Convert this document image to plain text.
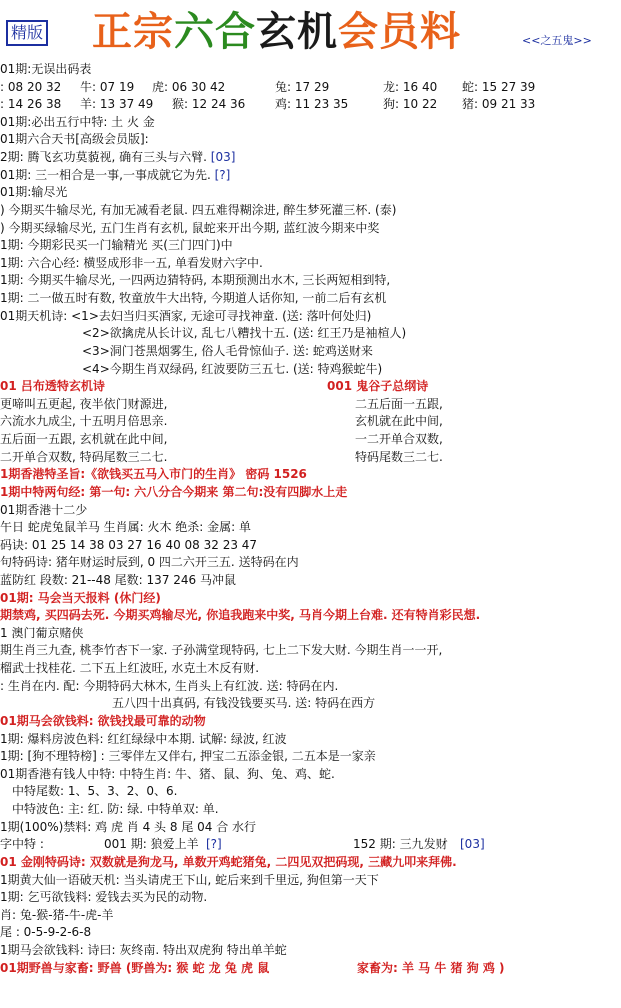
精版 正宗六合玄机会员料	<<之五鬼>>
01期:无误出码表
: 08 20 32 牛: 07 19 虎: 06 30 42	兔: 17 29	龙: 16 40 蛇: 15 27 39
: 14 26 38 羊: 13 37 49 猴: 12 24 36 鸡: 11 23 35	狗: 10 22 猪: 09 21 33
01期:必出五行中特: 土 火 金
01期六合天书[高级会员版]:
2期: 腾飞玄功莫藐视, 确有三头与六臂. [03]
01期: 三一相合是一事,一事成就它为先. [?]
01期:输尽光
) 今期买牛输尽光, 有加无减看老鼠. 四五难得糊涂进, 醉生梦死灌三杯. (泰)
) 今期买绿输尽光, 五门生肖有玄机, 鼠蛇来开出今期, 蓝红波今期来中奖
1期: 今期彩民买一门输精光 买(三门四门)中
1期: 六合心经: 横竖成形非一五, 单看发财六字中.
1期: 今期买牛输尽光, 一四两边猜特码, 本期预测出水木, 三长两短相到特,
1期: 二一做五时有数, 牧童放牛大出特, 今期道人话你知, 一前二后有玄机
01期天机诗: <1>去妇当归买酒家, 无途可寻找神童. (送: 落叶何处归)
<2>欲擒虎从长计议, 乱七八糟找十五. (送: 红王乃是袖楦人)
<3>洞门苍黑烟雾生, 俗人毛骨惊仙子. 送: 蛇鸡送财来
<4>今期生肖双绿码, 红波要防三五七. (送: 特鸡猴蛇牛)
01 吕布透特玄机诗	001 鬼谷子总纲诗
更啼叫五更起, 夜半依门财源进,	二五后面一五跟,
六流水九成尘, 十五明月倍思亲.	玄机就在此中间,
五后面一五跟, 玄机就在此中间,	一二开单合双数,
二开单合双数, 特码尾数三二七.	特码尾数三二七.
1期香港特圣旨:《欲钱买五马入市门的生肖》 密码 1526
1期中特两句经: 第一句: 六八分合今期来 第二句:没有四脚水上走
01期香港十二少
午日 蛇虎兔鼠羊马 生肖属: 火木 绝杀: 金属: 单
码诀: 01 25 14 38 03 27 16 40 08 32 23 47
句特码诗: 猪年财运时辰到, 0 四二六开三五. 送特码在内
蓝防红 段数: 21--48 尾数: 137 246 马冲鼠
01期: 马会当天报料 (休门经)
期禁鸡, 买四码去死. 今期买鸡输尽光, 你追我跑来中奖, 马肖今期上台难. 还有特肖彩民想.
1 澳门葡京赌侠
期生肖三九查, 桃李竹杏下一家. 子孙满堂现特码, 七上二下发大财. 今期生肖一一开,
榴武士找桂花. 二下五上红波旺, 水克土木反有财.
: 生肖在内. 配: 今期特码大林木, 生肖头上有红波. 送: 特码在内.
五八四十出真码, 有钱没钱要买马. 送: 特码在西方
01期马会欲钱料: 欲钱找最可靠的动物
1期: 爆料房波色料: 红红绿绿中本期. 试解: 绿波, 红波
1期: [狗不理特榜] : 三零伴左又伴右, 押宝二五添金银, 二五本是一家亲
01期香港有钱人中特: 中特生肖: 牛、猪、鼠、狗、兔、鸡、蛇.
中特尾数: 1、5、3、2、0、6.
中特波色: 主: 红. 防: 绿. 中特单双: 单.
1期(100%)禁料: 鸡 虎 肖 4 头 8 尾 04 合 水行
字中特 :	001 期: 狼爱上羊 [?]	152 期: 三九发财 [03]
01 金刚特码诗: 双数就是狗龙马, 单数开鸡蛇猪兔, 二四见双把码现, 三藏九叩来拜佛.
1期黄大仙一语破天机: 当头请虎王下山, 蛇后来到千里远, 狗但第一天下
1期: 乞丐欲钱料: 爱钱去买为民的动物.
肖: 兔-猴-猪-牛-虎-羊
尾 : 0-5-9-2-6-8
1期马会欲钱料: 诗曰: 灰终南. 特出双虎狗 特出单羊蛇
01期野兽与家畜: 野兽 (野兽为: 猴 蛇 龙 兔 虎 鼠	家畜为: 羊 马 牛 猪 狗 鸡 )
